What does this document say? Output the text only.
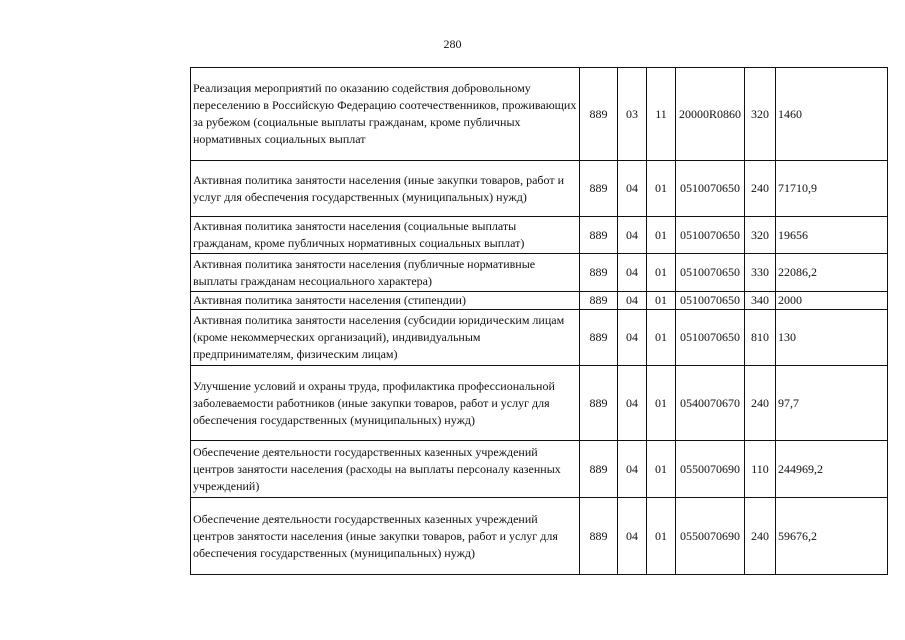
280
Реализация мероприятий по оказанию содействия добровольному переселению в Российскую Федерацию соотечественников, проживающих за рубежом (социальные выплаты гражданам, кроме публичных нормативных социальных выплат	889	03	11	20000R0860	320	1460
Активная политика занятости населения (иные закупки товаров, работ и услуг для обеспечения государственных (муниципальных) нужд)	889	04	01	0510070650	240	71710,9
Активная политика занятости населения (социальные выплаты гражданам, кроме публичных нормативных социальных выплат)	889	04	01	0510070650	320	19656
Активная политика занятости населения (публичные нормативные выплаты гражданам несоциального характера)	889	04	01	0510070650	330	22086,2
Активная политика занятости населения (стипендии)	889	04	01	0510070650	340	2000
Активная политика занятости населения (субсидии юридическим лицам (кроме некоммерческих организаций), индивидуальным предпринимателям, физическим лицам)	889	04	01	0510070650	810	130
Улучшение условий и охраны труда, профилактика профессиональной заболеваемости работников (иные закупки товаров, работ и услуг для обеспечения государственных (муниципальных) нужд)	889	04	01	0540070670	240	97,7
Обеспечение деятельности государственных казенных учреждений центров занятости населения (расходы на выплаты персоналу казенных учреждений)	889	04	01	0550070690	110	244969,2
Обеспечение деятельности государственных казенных учреждений центров занятости населения (иные закупки товаров, работ и услуг для обеспечения государственных (муниципальных) нужд)	889	04	01	0550070690	240	59676,2
